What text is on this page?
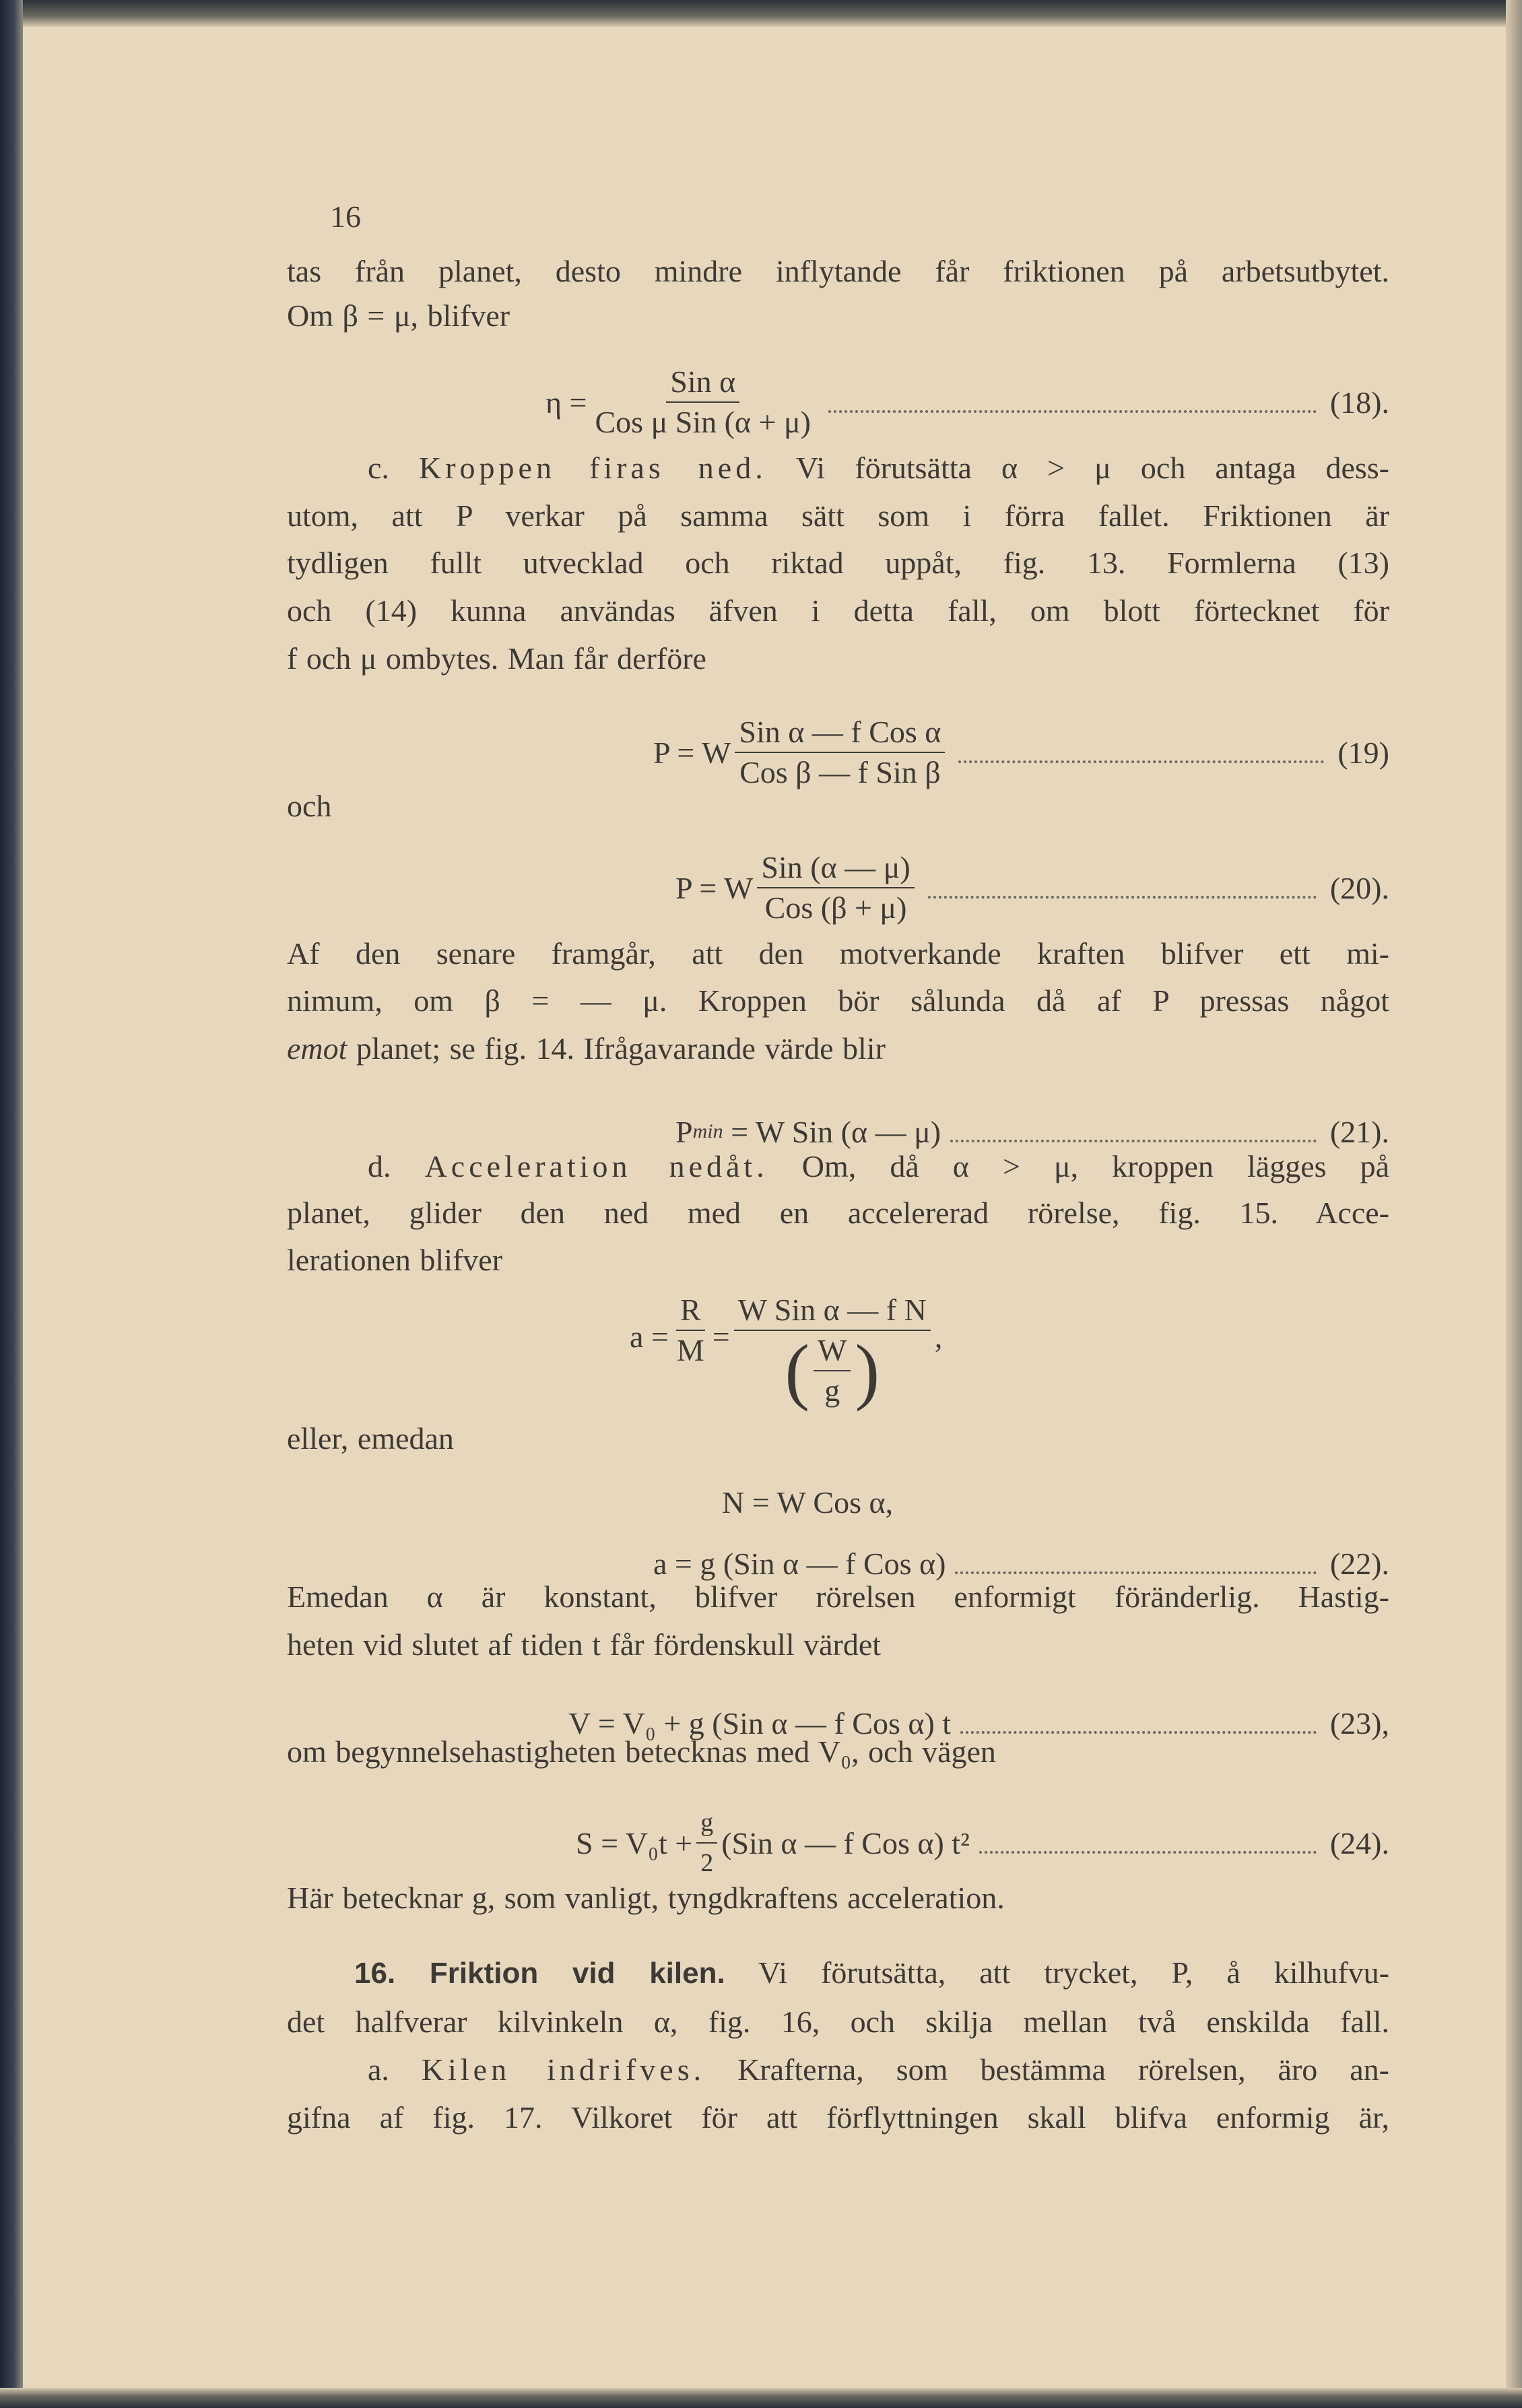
16
tas från planet, desto mindre inflytande får friktionen på arbetsutbytet.
Om β = μ, blifver
$\eta = \frac{\text{Sin α}}{\text{Cos μ Sin (α + μ)}}$	(18).
c. Kroppen firas ned. Vi förutsätta α > μ och antaga dess-
utom, att P verkar på samma sätt som i förra fallet. Friktionen är
tydligen fullt utvecklad och riktad uppåt, fig. 13. Formlerna (13)
och (14) kunna användas äfven i detta fall, om blott förtecknet för
f och μ ombytes. Man får derföre
P = W $\frac{\text{Sin α — f Cos α}}{\text{Cos β — f Sin β}}$	(19)
och
P = W $\frac{\text{Sin (α — μ)}}{\text{Cos (β + μ)}}$	(20).
Af den senare framgår, att den motverkande kraften blifver ett mi-
nimum, om β = — μ. Kroppen bör sålunda då af P pressas något
emot planet; se fig. 14. Ifrågavarande värde blir
P min
= W Sin (α — μ)	(21).
d. Acceleration nedåt. Om, då α > μ, kroppen lägges på
planet, glider den ned med en accelererad rörelse, fig. 15. Acce-
lerationen blifver
$a = \frac{R}{M} = \frac{\text{W Sin α — f N}}{( \frac{W}{g} )}$ ,
eller, emedan
N = W Cos α,
a = g (Sin α — f Cos α)	(22).
Emedan α är konstant, blifver rörelsen enformigt föränderlig. Hastig-
heten vid slutet af tiden t får fördenskull värdet
V = V₀ + g (Sin α — f Cos α) t	(23),
om begynnelsehastigheten betecknas med V₀, och vägen
$S = V_0t + \frac{g}{2} (Sin$ α — f Cos α) t²	(24).
Här betecknar g, som vanligt, tyngdkraftens acceleration.
16. Friktion vid kilen. Vi förutsätta, att trycket, P, å kilhufvu-
det halfverar kilvinkeln α, fig. 16, och skilja mellan två enskilda fall.
a. Kilen indrifves. Krafterna, som bestämma rörelsen, äro an-
gifna af fig. 17. Vilkoret för att förflyttningen skall blifva enformig är,
